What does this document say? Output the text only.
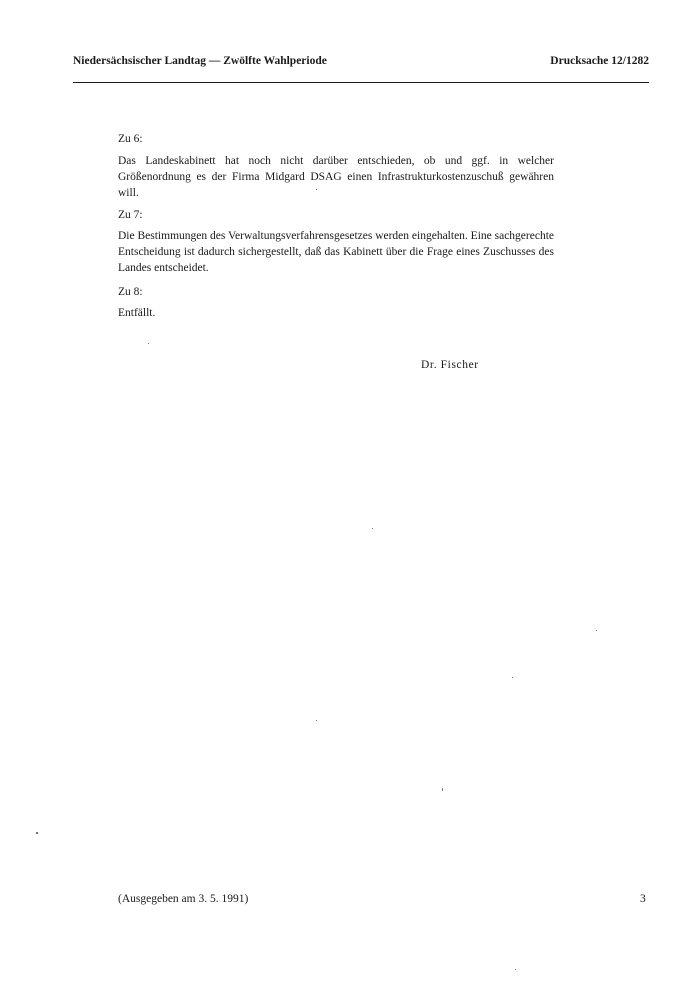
Niedersächsischer Landtag — Zwölfte Wahlperiode	Drucksache 12/1282
Zu 6:
Das Landeskabinett hat noch nicht darüber entschieden, ob und ggf. in welcher Größenordnung es der Firma Midgard DSAG einen Infrastrukturkostenzuschuß gewähren will.
Zu 7:
Die Bestimmungen des Verwaltungsverfahrensgesetzes werden eingehalten. Eine sachgerechte Entscheidung ist dadurch sichergestellt, daß das Kabinett über die Frage eines Zuschusses des Landes entscheidet.
Zu 8:
Entfällt.
Dr. Fischer
(Ausgegeben am 3. 5. 1991)	3
